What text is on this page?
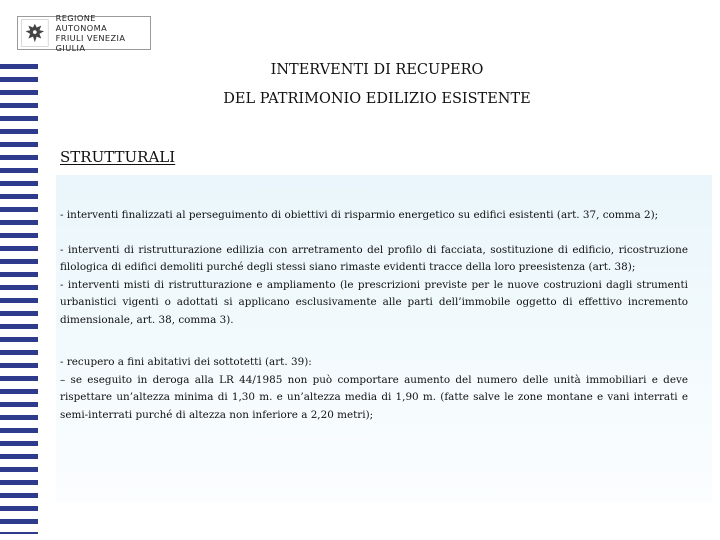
REGIONE AUTONOMA
FRIULI VENEZIA GIULIA
INTERVENTI DI RECUPERO
DEL PATRIMONIO EDILIZIO ESISTENTE
STRUTTURALI

- interventi finalizzati al perseguimento di obiettivi di risparmio energetico su edifici esistenti (art. 37, comma 2);

- interventi di ristrutturazione edilizia con arretramento del profilo di facciata, sostituzione di edificio, ricostruzione filologica di edifici demoliti purché degli stessi siano rimaste evidenti tracce della loro preesistenza (art. 38);

- interventi misti di ristrutturazione e ampliamento (le prescrizioni previste per le nuove costruzioni dagli strumenti urbanistici vigenti o adottati si applicano esclusivamente alle parti dell’immobile oggetto di effettivo incremento dimensionale, art. 38, comma 3).

- recupero a fini abitativi dei sottotetti (art. 39):

– se eseguito in deroga alla LR 44/1985 non può comportare aumento del numero delle unità immobiliari e deve rispettare un’altezza minima di 1,30 m. e un’altezza media di 1,90 m. (fatte salve le zone montane e vani interrati e semi-interrati purché di altezza non inferiore a 2,20 metri);
